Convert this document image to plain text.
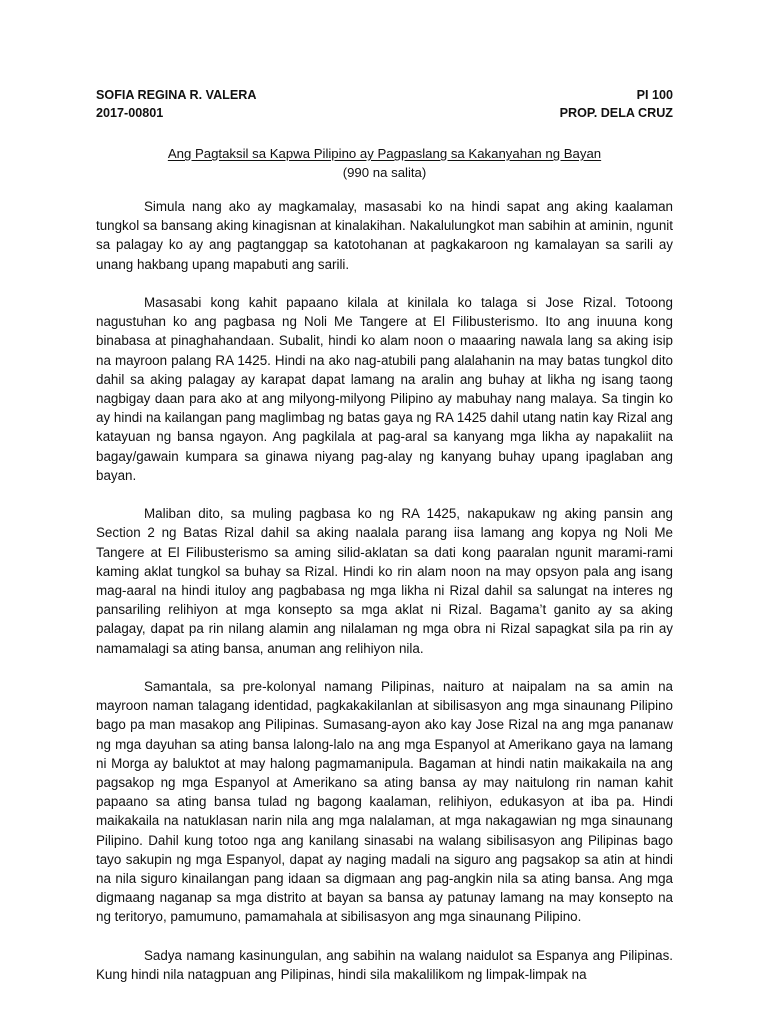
SOFIA REGINA R. VALERA	PI 100
2017-00801	PROP. DELA CRUZ
Ang Pagtaksil sa Kapwa Pilipino ay Pagpaslang sa Kakanyahan ng Bayan
(990 na salita)

Simula nang ako ay magkamalay, masasabi ko na hindi sapat ang aking kaalaman tungkol sa bansang aking kinagisnan at kinalakihan. Nakalulungkot man sabihin at aminin, ngunit sa palagay ko ay ang pagtanggap sa katotohanan at pagkakaroon ng kamalayan sa sarili ay unang hakbang upang mapabuti ang sarili.

Masasabi kong kahit papaano kilala at kinilala ko talaga si Jose Rizal. Totoong nagustuhan ko ang pagbasa ng Noli Me Tangere at El Filibusterismo. Ito ang inuuna kong binabasa at pinaghahandaan. Subalit, hindi ko alam noon o maaaring nawala lang sa aking isip na mayroon palang RA 1425. Hindi na ako nag-atubili pang alalahanin na may batas tungkol dito dahil sa aking palagay ay karapat dapat lamang na aralin ang buhay at likha ng isang taong nagbigay daan para ako at ang milyong-milyong Pilipino ay mabuhay nang malaya. Sa tingin ko ay hindi na kailangan pang maglimbag ng batas gaya ng RA 1425 dahil utang natin kay Rizal ang katayuan ng bansa ngayon. Ang pagkilala at pag-aral sa kanyang mga likha ay napakaliit na bagay/gawain kumpara sa ginawa niyang pag-alay ng kanyang buhay upang ipaglaban ang bayan.

Maliban dito, sa muling pagbasa ko ng RA 1425, nakapukaw ng aking pansin ang Section 2 ng Batas Rizal dahil sa aking naalala parang iisa lamang ang kopya ng Noli Me Tangere at El Filibusterismo sa aming silid-aklatan sa dati kong paaralan ngunit marami-rami kaming aklat tungkol sa buhay sa Rizal. Hindi ko rin alam noon na may opsyon pala ang isang mag-aaral na hindi ituloy ang pagbabasa ng mga likha ni Rizal dahil sa salungat na interes ng pansariling relihiyon at mga konsepto sa mga aklat ni Rizal. Bagama’t ganito ay sa aking palagay, dapat pa rin nilang alamin ang nilalaman ng mga obra ni Rizal sapagkat sila pa rin ay namamalagi sa ating bansa, anuman ang relihiyon nila.

Samantala, sa pre-kolonyal namang Pilipinas, naituro at naipalam na sa amin na mayroon naman talagang identidad, pagkakakilanlan at sibilisasyon ang mga sinaunang Pilipino bago pa man masakop ang Pilipinas. Sumasang-ayon ako kay Jose Rizal na ang mga pananaw ng mga dayuhan sa ating bansa lalong-lalo na ang mga Espanyol at Amerikano gaya na lamang ni Morga ay baluktot at may halong pagmamanipula. Bagaman at hindi natin maikakaila na ang pagsakop ng mga Espanyol at Amerikano sa ating bansa ay may naitulong rin naman kahit papaano sa ating bansa tulad ng bagong kaalaman, relihiyon, edukasyon at iba pa. Hindi maikakaila na natuklasan narin nila ang mga nalalaman, at mga nakagawian ng mga sinaunang Pilipino. Dahil kung totoo nga ang kanilang sinasabi na walang sibilisasyon ang Pilipinas bago tayo sakupin ng mga Espanyol, dapat ay naging madali na siguro ang pagsakop sa atin at hindi na nila siguro kinailangan pang idaan sa digmaan ang pag-angkin nila sa ating bansa. Ang mga digmaang naganap sa mga distrito at bayan sa bansa ay patunay lamang na may konsepto na ng teritoryo, pamumuno, pamamahala at sibilisasyon ang mga sinaunang Pilipino.

Sadya namang kasinungulan, ang sabihin na walang naidulot sa Espanya ang Pilipinas. Kung hindi nila natagpuan ang Pilipinas, hindi sila makalilikom ng limpak-limpak na
